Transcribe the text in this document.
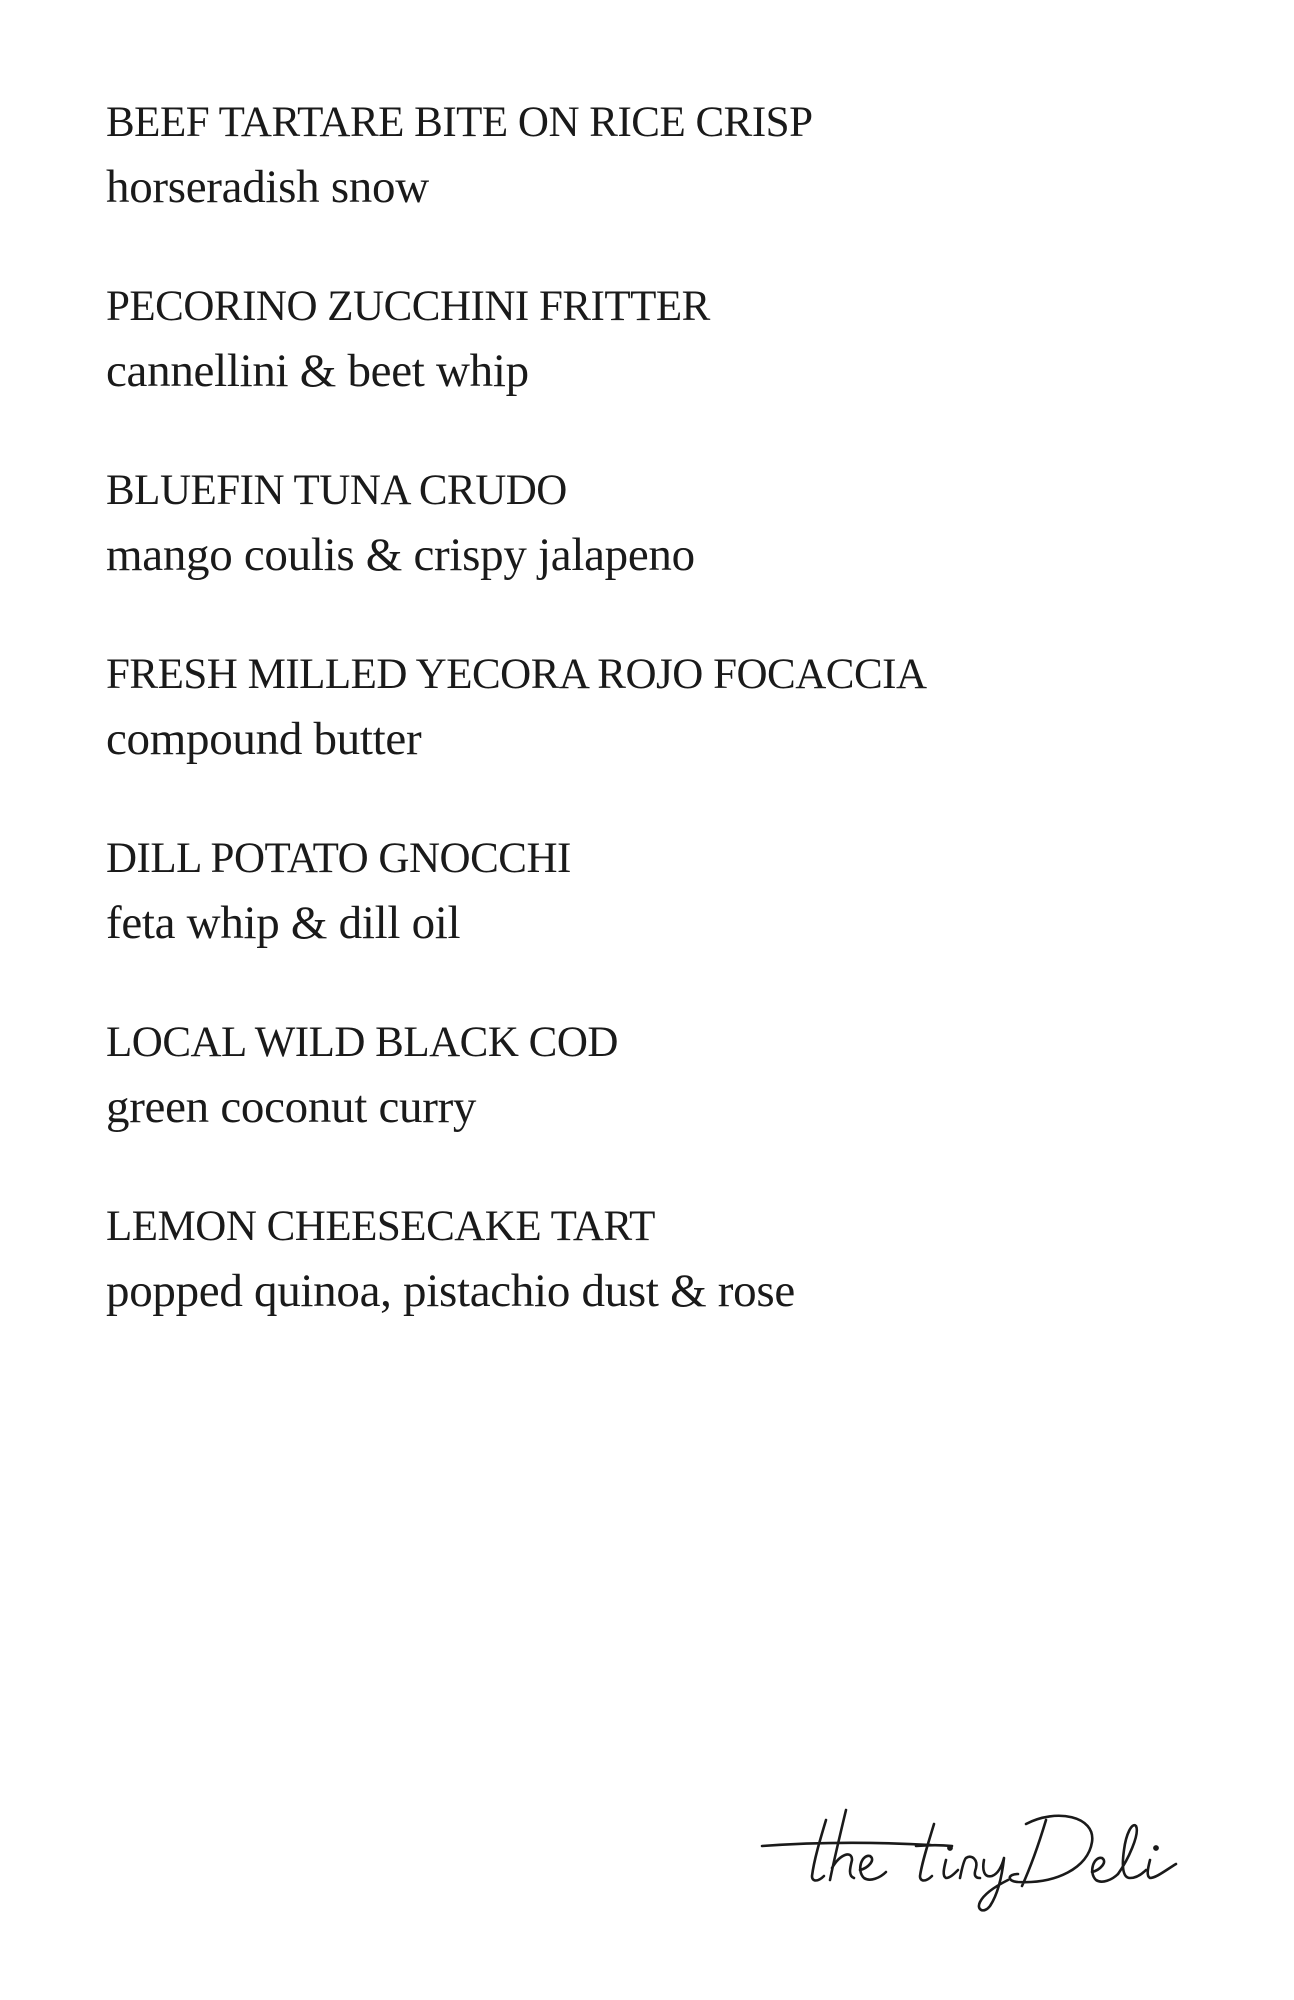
BEEF TARTARE BITE ON RICE CRISP

horseradish snow

PECORINO ZUCCHINI FRITTER

cannellini & beet whip

BLUEFIN TUNA CRUDO

mango coulis & crispy jalapeno

FRESH MILLED YECORA ROJO FOCACCIA

compound butter

DILL POTATO GNOCCHI

feta whip & dill oil

LOCAL WILD BLACK COD

green coconut curry

LEMON CHEESECAKE TART

popped quinoa, pistachio dust & rose
